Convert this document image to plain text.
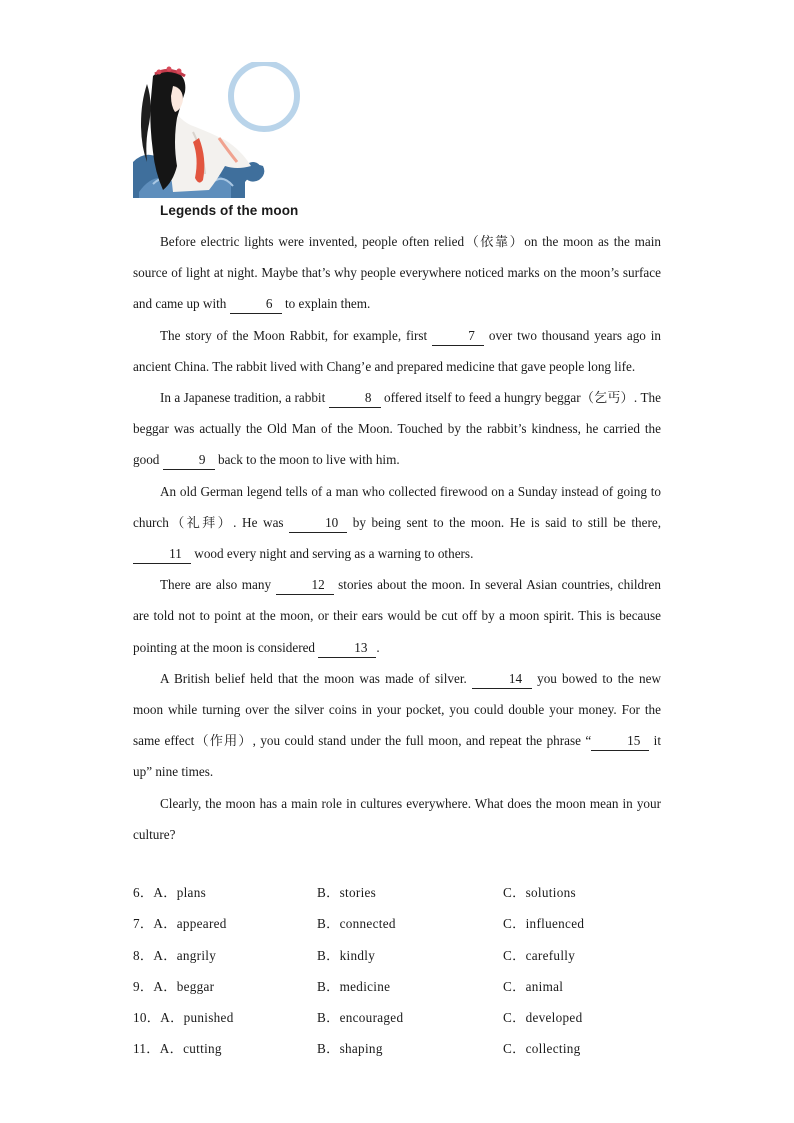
Legends of the moon

Before electric lights were invented, people often relied（依靠）on the moon as the main source of light at night. Maybe that’s why people everywhere noticed marks on the moon’s surface and came up with	6 to explain them.

The story of the Moon Rabbit, for example, first	7 over two thousand years ago in ancient China. The rabbit lived with Chang’e and prepared medicine that gave people long life.

In a Japanese tradition, a rabbit	8 offered itself to feed a hungry beggar（乞丐）. The beggar was actually the Old Man of the Moon. Touched by the rabbit’s kindness, he carried the good	9 back to the moon to live with him.

An old German legend tells of a man who collected firewood on a Sunday instead of going to church（礼拜）. He was	10 by being sent to the moon. He is said to still be there, 11 wood every night and serving as a warning to others.

There are also many	12 stories about the moon. In several Asian countries, children are told not to point at the moon, or their ears would be cut off by a moon spirit. This is because pointing at the moon is considered	13 .

A British belief held that the moon was made of silver.	14 you bowed to the new moon while turning over the silver coins in your pocket, you could double your money. For the same effect（作用）, you could stand under the full moon, and repeat the phrase “	15 it up” nine times.

Clearly, the moon has a main role in cultures everywhere. What does the moon mean in your culture?

6．A．plans	B．stories	C．solutions
7．A．appeared	B．connected	C．influenced
8．A．angrily	B．kindly	C．carefully
9．A．beggar	B．medicine	C．animal
10．A．punished	B．encouraged	C．developed
11．A．cutting	B．shaping	C．collecting
